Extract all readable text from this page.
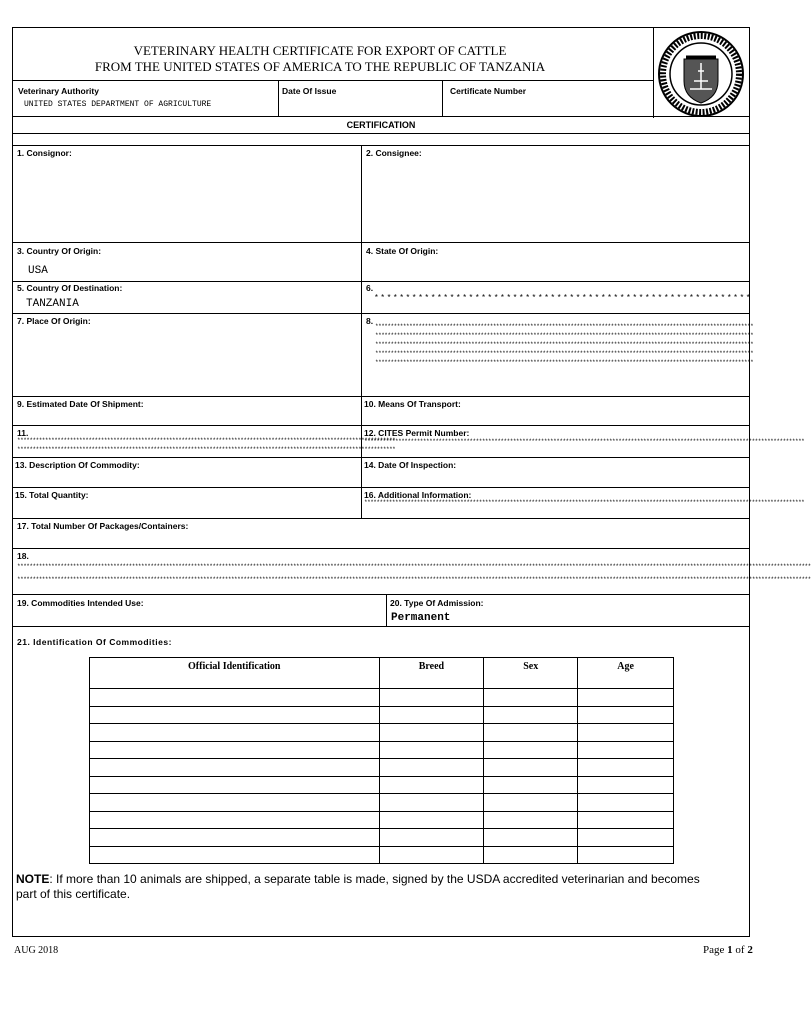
VETERINARY HEALTH CERTIFICATE FOR EXPORT OF CATTLE
FROM THE UNITED STATES OF AMERICA TO THE REPUBLIC OF TANZANIA
Veterinary Authority
UNITED STATES DEPARTMENT OF AGRICULTURE
Date Of Issue	Certificate Number
CERTIFICATION
1. Consignor:	2. Consignee:
3. Country Of Origin:
USA
4. State Of Origin:
5. Country Of Destination:
TANZANIA
6.
************************************************************
7. Place Of Origin:	8.
**************************************************************************************************************************
**************************************************************************************************************************
**************************************************************************************************************************
**************************************************************************************************************************
**************************************************************************************************************************
9. Estimated Date Of Shipment:	10. Means Of Transport:
11.
**************************************************************************************************************************
**************************************************************************************************************************
12. CITES Permit Number:
**********************************************************************************************************************************************
13. Description Of Commodity:	14. Date Of Inspection:
15. Total Quantity:	16. Additional Information:
**********************************************************************************************************************************************
17. Total Number Of Packages/Containers:
18.
****************************************************************************************************************************************************************************************************************************************************************
****************************************************************************************************************************************************************************************************************************************************************
19. Commodities Intended Use:	20. Type Of Admission:
Permanent
21. Identification Of Commodities:
Official Identification	Breed	Sex	Age

NOTE: If more than 10 animals are shipped, a separate table is made, signed by the USDA accredited veterinarian and becomes part of this certificate.
AUG 2018	Page 1 of 2
